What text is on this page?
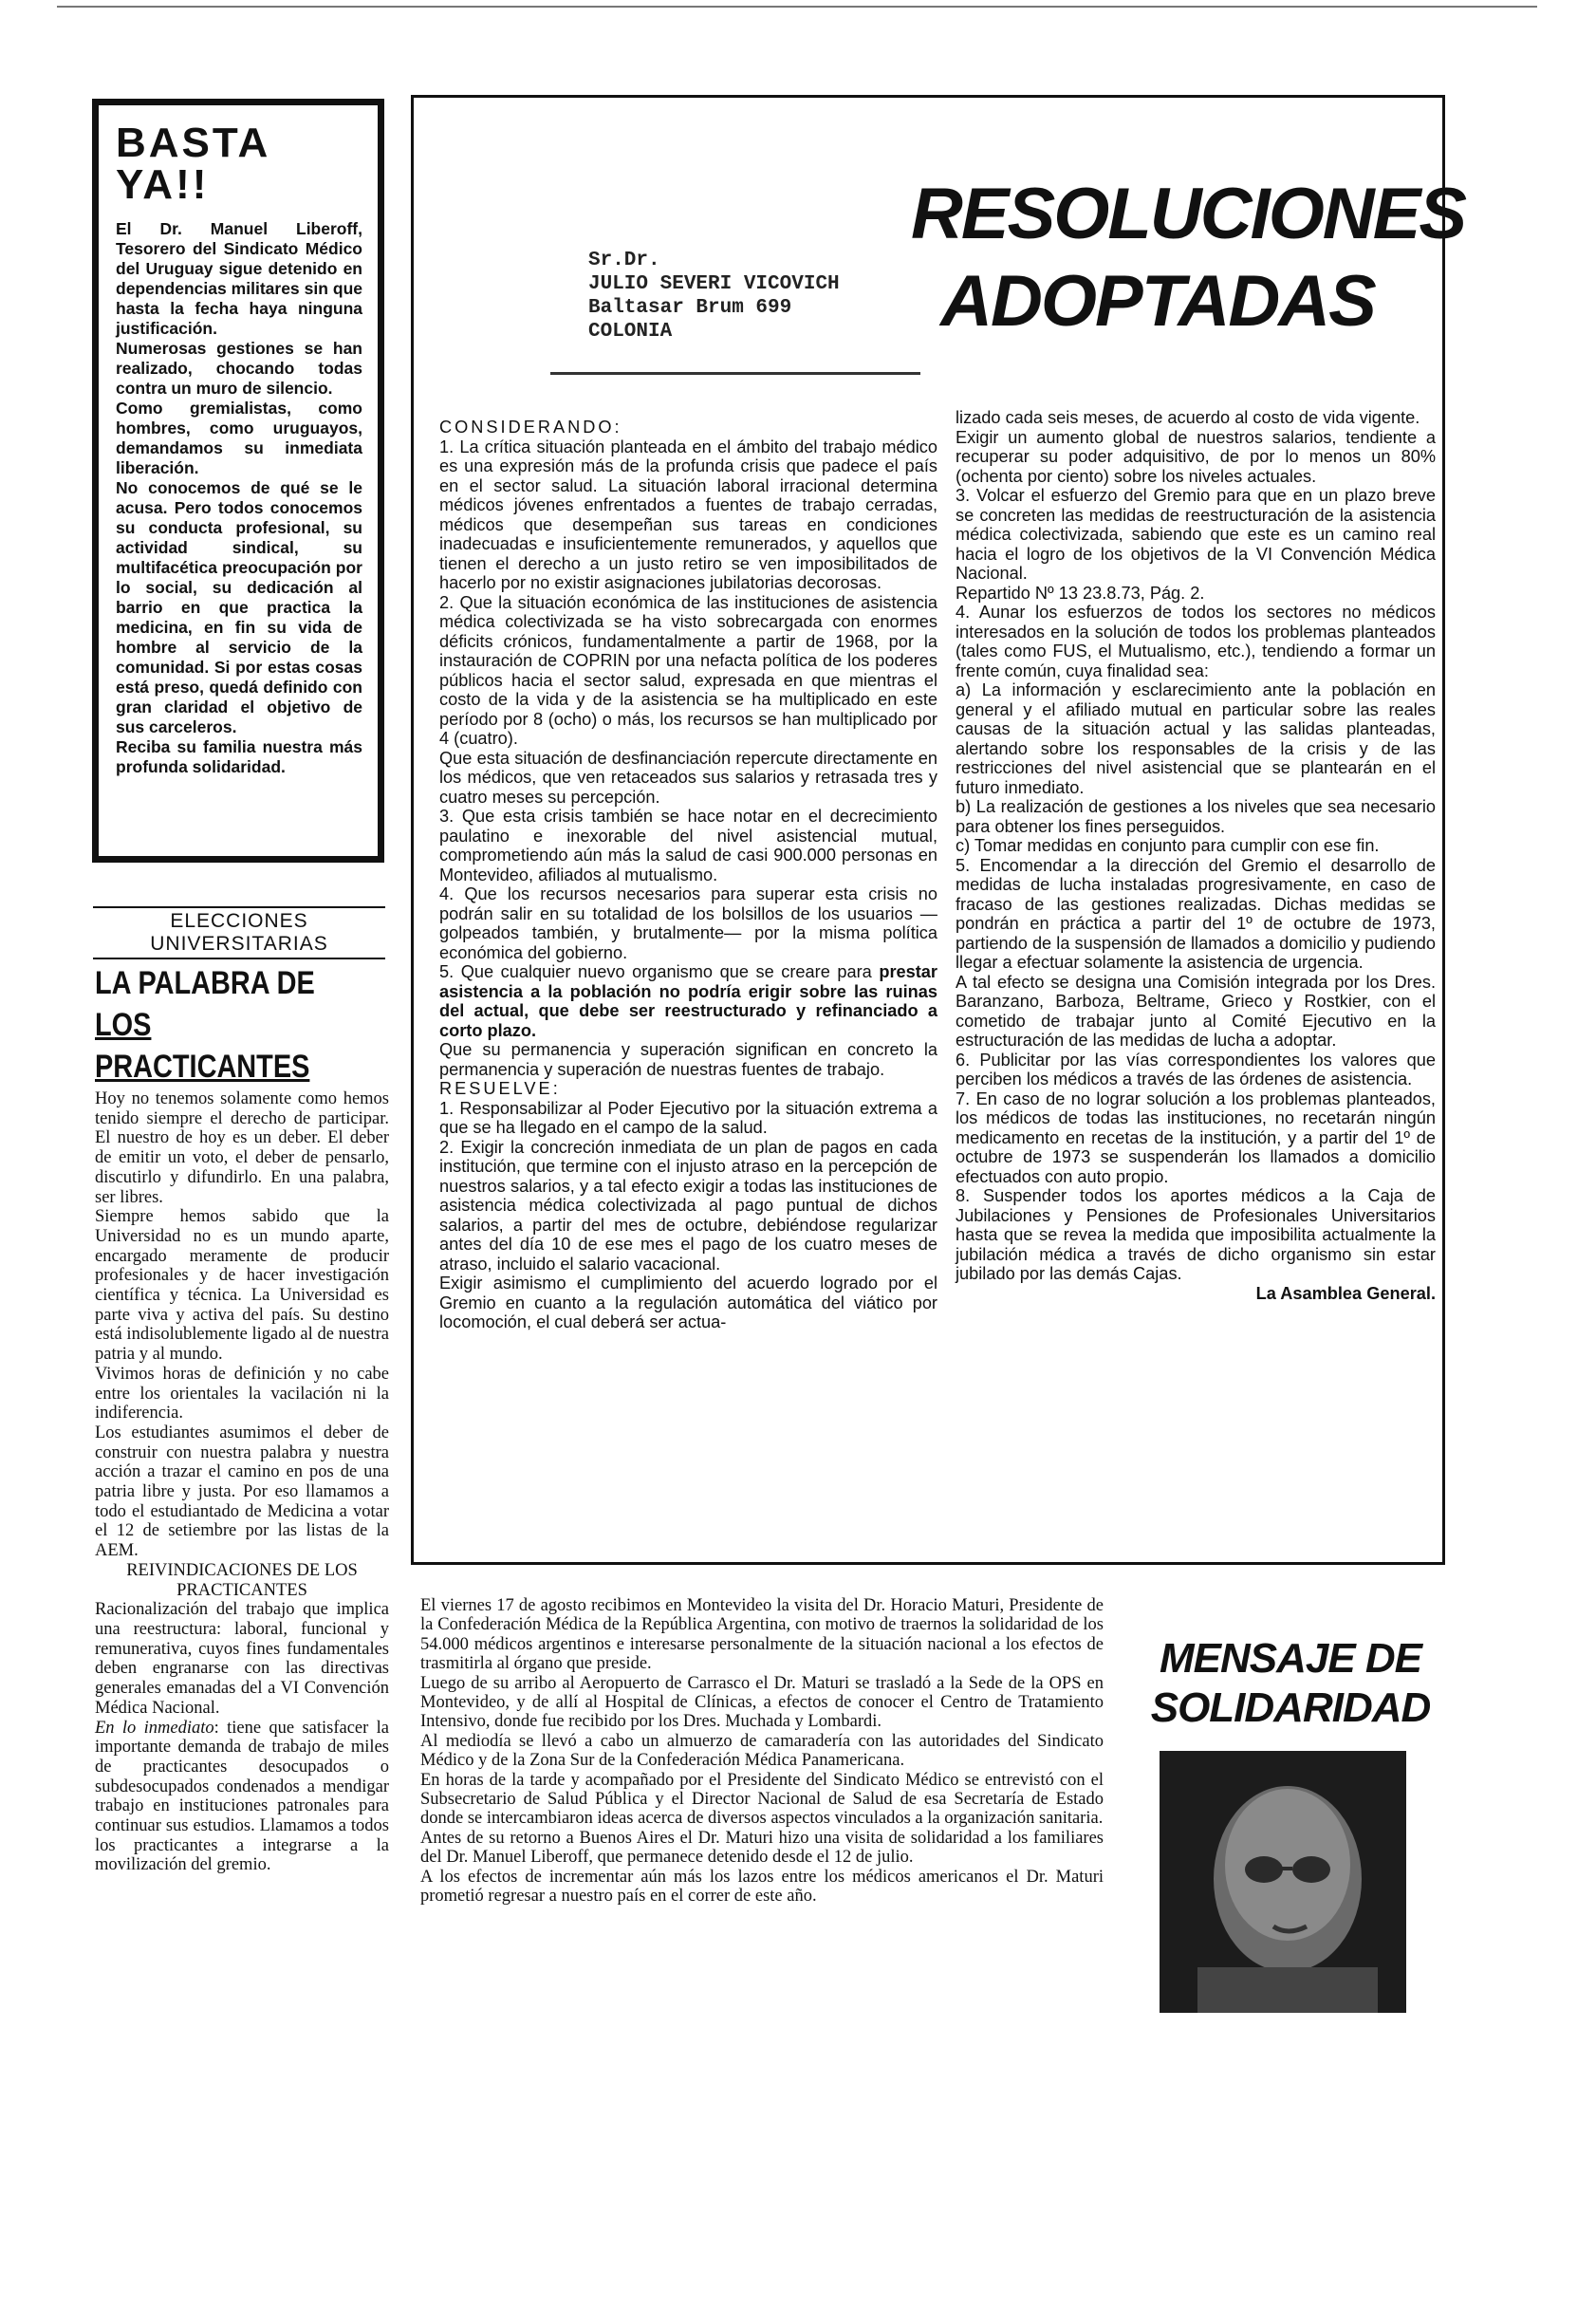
BASTA YA!!

El Dr. Manuel Liberoff, Tesorero del Sindicato Médico del Uruguay sigue detenido en dependencias militares sin que hasta la fecha haya ninguna justificación.

Numerosas gestiones se han realizado, chocando todas contra un muro de silencio.

Como gremialistas, como hombres, como uruguayos, demandamos su inmediata liberación.

No conocemos de qué se le acusa. Pero todos conocemos su conducta profesional, su actividad sindical, su multifacética preocupación por lo social, su dedicación al barrio en que practica la medicina, en fin su vida de hombre al servicio de la comunidad. Si por estas cosas está preso, quedá definido con gran claridad el objetivo de sus carceleros.

Reciba su familia nuestra más profunda solidaridad.

ELECCIONES UNIVERSITARIAS
LA PALABRA DE
LOS PRACTICANTES

Hoy no tenemos solamente como hemos tenido siempre el derecho de participar. El nuestro de hoy es un deber. El deber de emitir un voto, el deber de pensarlo, discutirlo y difundirlo. En una palabra, ser libres.

Siempre hemos sabido que la Universidad no es un mundo aparte, encargado meramente de producir profesionales y de hacer investigación científica y técnica. La Universidad es parte viva y activa del país. Su destino está indisolublemente ligado al de nuestra patria y al mundo.

Vivimos horas de definición y no cabe entre los orientales la vacilación ni la indiferencia.

Los estudiantes asumimos el deber de construir con nuestra palabra y nuestra acción a trazar el camino en pos de una patria libre y justa. Por eso llamamos a todo el estudiantado de Medicina a votar el 12 de setiembre por las listas de la AEM.

REIVINDICACIONES DE LOS

PRACTICANTES

Racionalización del trabajo que implica una reestructura: laboral, funcional y remunerativa, cuyos fines fundamentales deben engranarse con las directivas generales emanadas del a VI Convención Médica Nacional.

En lo inmediato: tiene que satisfacer la importante demanda de trabajo de miles de practicantes desocupados o subdesocupados condenados a mendigar trabajo en instituciones patronales para continuar sus estudios. Llamamos a todos los practicantes a integrarse a la movilización del gremio.

Sr.Dr.
JULIO SEVERI VICOVICH
Baltasar Brum 699
COLONIA
RESOLUCIONES
ADOPTADAS

CONSIDERANDO:

1. La crítica situación planteada en el ámbito del trabajo médico es una expresión más de la profunda crisis que padece el país en el sector salud. La situación laboral irracional determina médicos jóvenes enfrentados a fuentes de trabajo cerradas, médicos que desempeñan sus tareas en condiciones inadecuadas e insuficientemente remunerados, y aquellos que tienen el derecho a un justo retiro se ven imposibilitados de hacerlo por no existir asignaciones jubilatorias decorosas.

2. Que la situación económica de las instituciones de asistencia médica colectivizada se ha visto sobrecargada con enormes déficits crónicos, fundamentalmente a partir de 1968, por la instauración de COPRIN por una nefacta política de los poderes públicos hacia el sector salud, expresada en que mientras el costo de la vida y de la asistencia se ha multiplicado en este período por 8 (ocho) o más, los recursos se han multiplicado por 4 (cuatro).

Que esta situación de desfinanciación repercute directamente en los médicos, que ven retaceados sus salarios y retrasada tres y cuatro meses su percepción.

3. Que esta crisis también se hace notar en el decrecimiento paulatino e inexorable del nivel asistencial mutual, comprometiendo aún más la salud de casi 900.000 personas en Montevideo, afiliados al mutualismo.

4. Que los recursos necesarios para superar esta crisis no podrán salir en su totalidad de los bolsillos de los usuarios —golpeados también, y brutalmente— por la misma política económica del gobierno.

5. Que cualquier nuevo organismo que se creare para prestar asistencia a la población no podría erigir sobre las ruinas del actual, que debe ser reestructurado y refinanciado a corto plazo.

Que su permanencia y superación significan en concreto la permanencia y superación de nuestras fuentes de trabajo.

RESUELVE:

1. Responsabilizar al Poder Ejecutivo por la situación extrema a que se ha llegado en el campo de la salud.

2. Exigir la concreción inmediata de un plan de pagos en cada institución, que termine con el injusto atraso en la percepción de nuestros salarios, y a tal efecto exigir a todas las instituciones de asistencia médica colectivizada al pago puntual de dichos salarios, a partir del mes de octubre, debiéndose regularizar antes del día 10 de ese mes el pago de los cuatro meses de atraso, incluido el salario vacacional.

Exigir asimismo el cumplimiento del acuerdo logrado por el Gremio en cuanto a la regulación automática del viático por locomoción, el cual deberá ser actua-

lizado cada seis meses, de acuerdo al costo de vida vigente.

Exigir un aumento global de nuestros salarios, tendiente a recuperar su poder adquisitivo, de por lo menos un 80% (ochenta por ciento) sobre los niveles actuales.

3. Volcar el esfuerzo del Gremio para que en un plazo breve se concreten las medidas de reestructuración de la asistencia médica colectivizada, sabiendo que este es un camino real hacia el logro de los objetivos de la VI Convención Médica Nacional.

Repartido Nº 13 23.8.73, Pág. 2.

4. Aunar los esfuerzos de todos los sectores no médicos interesados en la solución de todos los problemas planteados (tales como FUS, el Mutualismo, etc.), tendiendo a formar un frente común, cuya finalidad sea:

a) La información y esclarecimiento ante la población en general y el afiliado mutual en particular sobre las reales causas de la situación actual y las salidas planteadas, alertando sobre los responsables de la crisis y de las restricciones del nivel asistencial que se plantearán en el futuro inmediato.

b) La realización de gestiones a los niveles que sea necesario para obtener los fines perseguidos.

c) Tomar medidas en conjunto para cumplir con ese fin.

5. Encomendar a la dirección del Gremio el desarrollo de medidas de lucha instaladas progresivamente, en caso de fracaso de las gestiones realizadas. Dichas medidas se pondrán en práctica a partir del 1º de octubre de 1973, partiendo de la suspensión de llamados a domicilio y pudiendo llegar a efectuar solamente la asistencia de urgencia.

A tal efecto se designa una Comisión integrada por los Dres. Baranzano, Barboza, Beltrame, Grieco y Rostkier, con el cometido de trabajar junto al Comité Ejecutivo en la estructuración de las medidas de lucha a adoptar.

6. Publicitar por las vías correspondientes los valores que perciben los médicos a través de las órdenes de asistencia.

7. En caso de no lograr solución a los problemas planteados, los médicos de todas las instituciones, no recetarán ningún medicamento en recetas de la institución, y a partir del 1º de octubre de 1973 se suspenderán los llamados a domicilio efectuados con auto propio.

8. Suspender todos los aportes médicos a la Caja de Jubilaciones y Pensiones de Profesionales Universitarios hasta que se revea la medida que imposibilita actualmente la jubilación médica a través de dicho organismo sin estar jubilado por las demás Cajas.

La Asamblea General.

El viernes 17 de agosto recibimos en Montevideo la visita del Dr. Horacio Maturi, Presidente de la Confederación Médica de la República Argentina, con motivo de traernos la solidaridad de los 54.000 médicos argentinos e interesarse personalmente de la situación nacional a los efectos de trasmitirla al órgano que preside.

Luego de su arribo al Aeropuerto de Carrasco el Dr. Maturi se trasladó a la Sede de la OPS en Montevideo, y de allí al Hospital de Clínicas, a efectos de conocer el Centro de Tratamiento Intensivo, donde fue recibido por los Dres. Muchada y Lombardi.

Al mediodía se llevó a cabo un almuerzo de camaradería con las autoridades del Sindicato Médico y de la Zona Sur de la Confederación Médica Panamericana.

En horas de la tarde y acompañado por el Presidente del Sindicato Médico se entrevistó con el Subsecretario de Salud Pública y el Director Nacional de Salud de esa Secretaría de Estado donde se intercambiaron ideas acerca de diversos aspectos vinculados a la organización sanitaria.

Antes de su retorno a Buenos Aires el Dr. Maturi hizo una visita de solidaridad a los familiares del Dr. Manuel Liberoff, que permanece detenido desde el 12 de julio.

A los efectos de incrementar aún más los lazos entre los médicos americanos el Dr. Maturi prometió regresar a nuestro país en el correr de este año.

MENSAJE DE
SOLIDARIDAD
